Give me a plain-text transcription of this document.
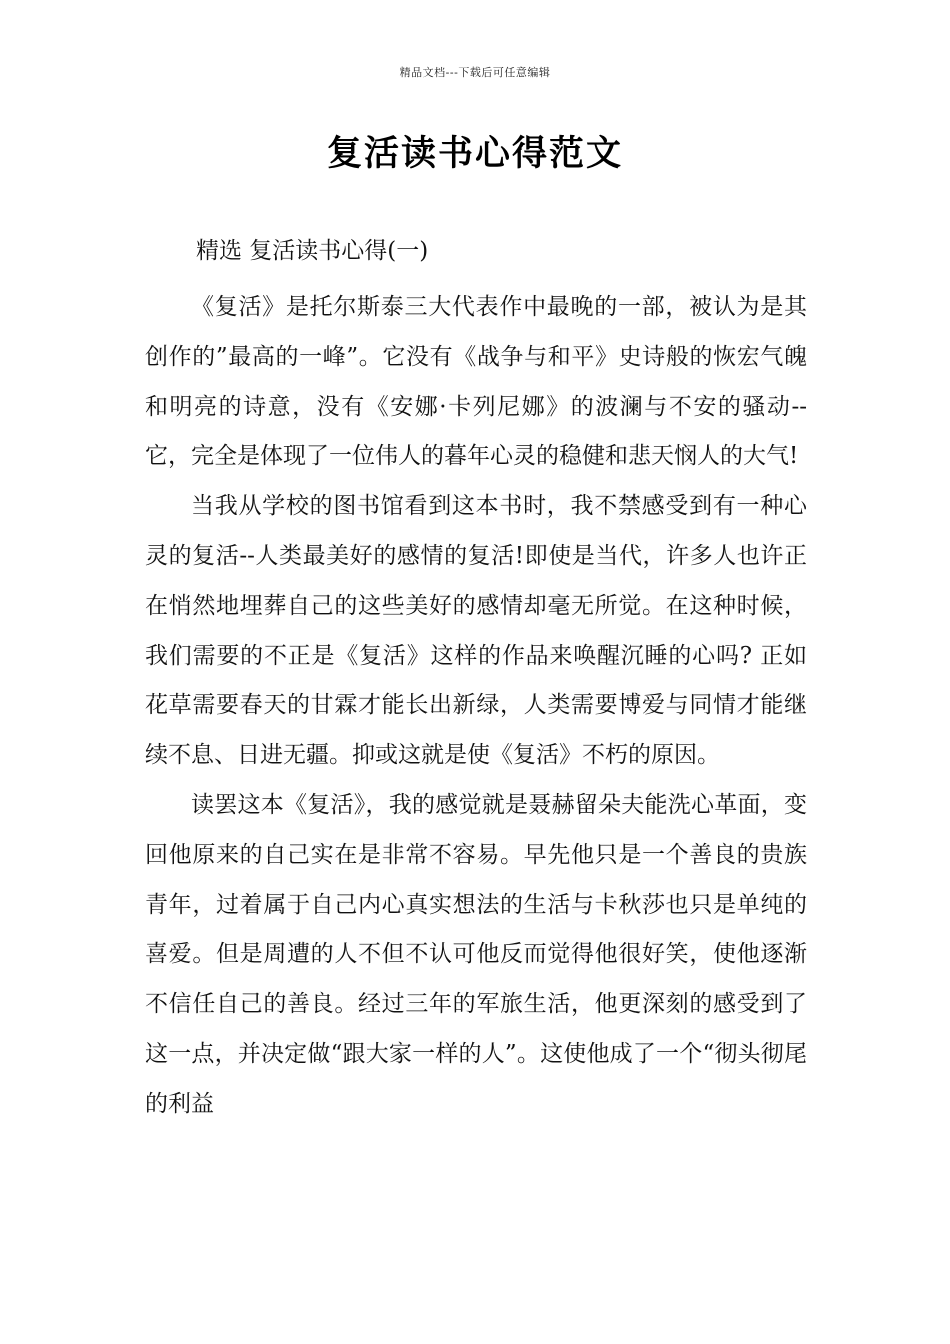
精品文档---下载后可任意编辑
复活读书心得范文
精选 复活读书心得(一)

《复活》是托尔斯泰三大代表作中最晚的一部，被认为是其创作的”最高的一峰”。它没有《战争与和平》史诗般的恢宏气魄和明亮的诗意，没有《安娜·卡列尼娜》的波澜与不安的骚动--它，完全是体现了一位伟人的暮年心灵的稳健和悲天悯人的大气!

当我从学校的图书馆看到这本书时，我不禁感受到有一种心灵的复活--人类最美好的感情的复活!即使是当代，许多人也许正在悄然地埋葬自己的这些美好的感情却毫无所觉。在这种时候，我们需要的不正是《复活》这样的作品来唤醒沉睡的心吗? 正如花草需要春天的甘霖才能长出新绿，人类需要博爱与同情才能继续不息、日进无疆。抑或这就是使《复活》不朽的原因。

读罢这本《复活》，我的感觉就是聂赫留朵夫能洗心革面，变回他原来的自己实在是非常不容易。早先他只是一个善良的贵族青年，过着属于自己内心真实想法的生活与卡秋莎也只是单纯的喜爱。但是周遭的人不但不认可他反而觉得他很好笑，使他逐渐不信任自己的善良。经过三年的军旅生活，他更深刻的感受到了这一点，并决定做“跟大家一样的人”。这使他成了一个“彻头彻尾的利益
